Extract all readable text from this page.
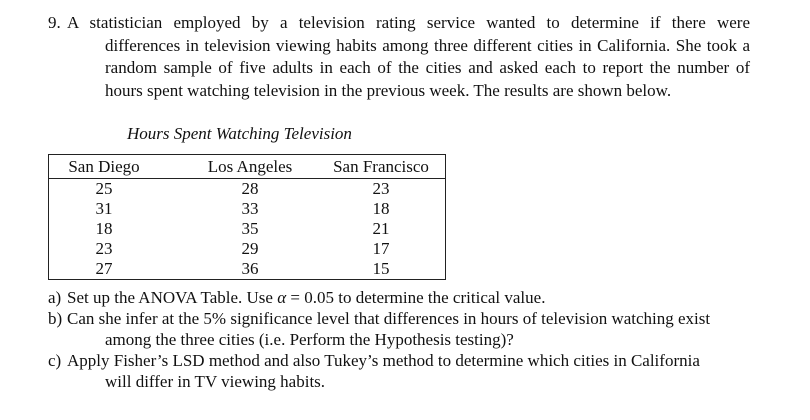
9. A statistician employed by a television rating service wanted to determine if there were
differences in television viewing habits among three different cities in California. She took a random sample of five adults in each of the cities and asked each to report the number of hours spent watching television in the previous week. The results are shown below.
Hours Spent Watching Television
San Diego
25
31
18
23
27
Los Angeles
28
33
35
29
36
San Francisco
23
18
21
17
15
a) Set up the ANOVA Table. Use α = 0.05 to determine the critical value.
b) Can she infer at the 5% significance level that differences in hours of television watching exist
among the three cities (i.e. Perform the Hypothesis testing)?
c) Apply Fisher’s LSD method and also Tukey’s method to determine which cities in California
will differ in TV viewing habits.
